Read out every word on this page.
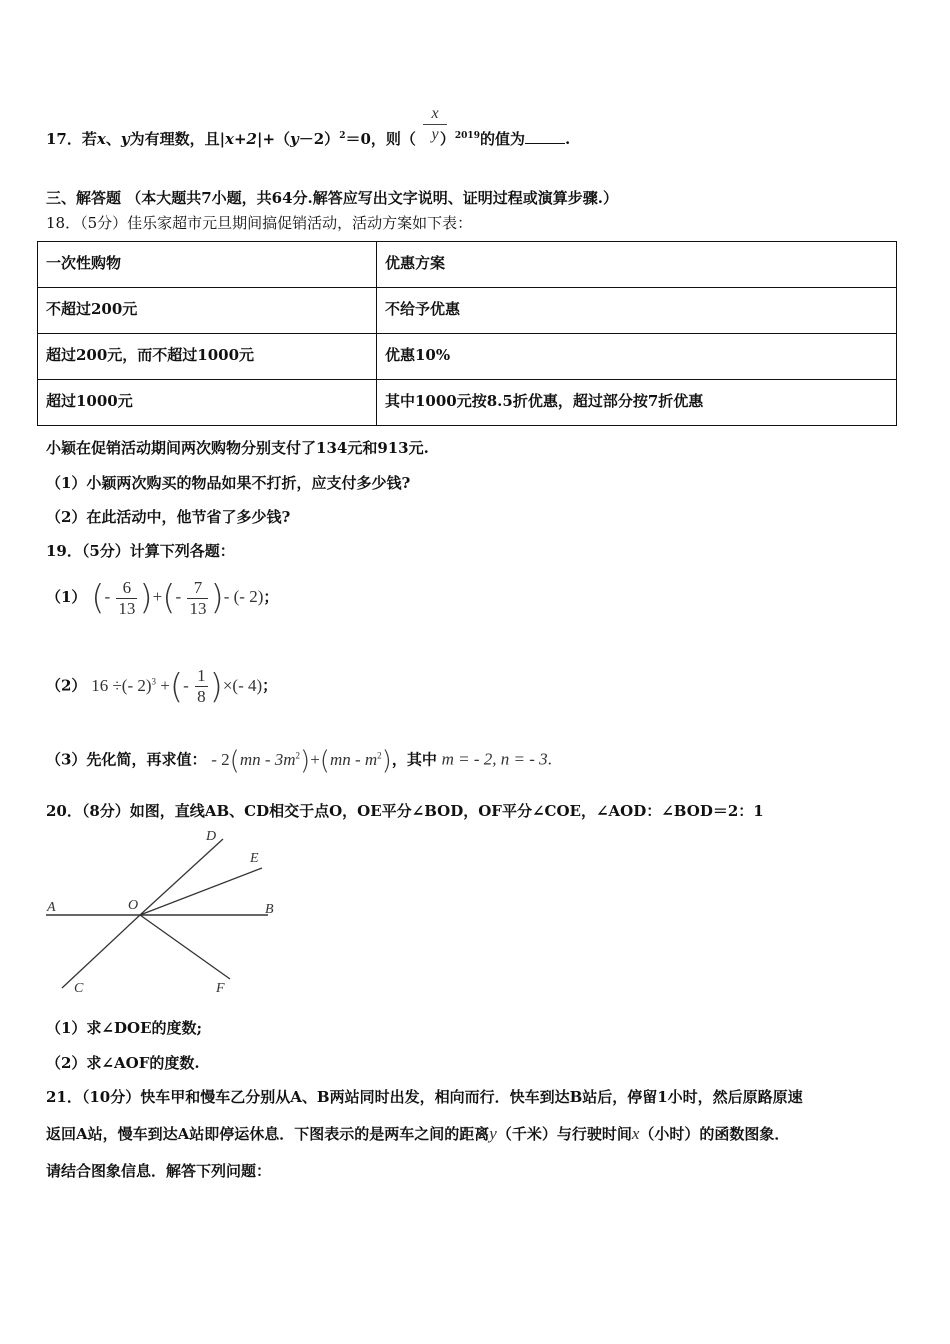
17．若x、y为有理数，且$|x+2|+(y-2)^2=0$，则（ ）$^{2019}$的值为	.
$\frac{x}{y}$
三、解答题 （本大题共7小题，共64分.解答应写出文字说明、证明过程或演算步骤.）
18．（5分）佳乐家超市元旦期间搞促销活动，活动方案如下表：
一次性购物	优惠方案
不超过200元	不给予优惠
超过200元，而不超过1000元	优惠10%
超过1000元	其中1000元按8.5折优惠，超过部分按7折优惠
小颖在促销活动期间两次购物分别支付了134元和913元.
（1）小颖两次购买的物品如果不打折，应支付多少钱?
（2）在此活动中，他节省了多少钱?
19．（5分）计算下列各题：
（1） (- $\frac{6}{13}$ )+(- $\frac{7}{13}$ )- (- 2)；
（2） 16 ÷(- 2)$^3$ +(- $\frac{1}{8}$ )×(- 4)；
（3）先化简，再求值： - $2(mn - 3m^2)+(mn - m^2)$，其中 m = - 2, n = - 3.
20．（8分）如图，直线AB、CD相交于点O，OE平分∠BOD，OF平分∠COE，∠AOD：∠BOD＝2：1
A	O	B
D
E
C	F
（1）求∠DOE的度数;
（2）求∠AOF的度数.
21．（10分）快车甲和慢车乙分别从A、B两站同时出发，相向而行．快车到达B站后，停留1小时，然后原路原速
返回A站，慢车到达A站即停运休息．下图表示的是两车之间的距离y（千米）与行驶时间x（小时）的函数图象．
请结合图象信息．解答下列问题：
